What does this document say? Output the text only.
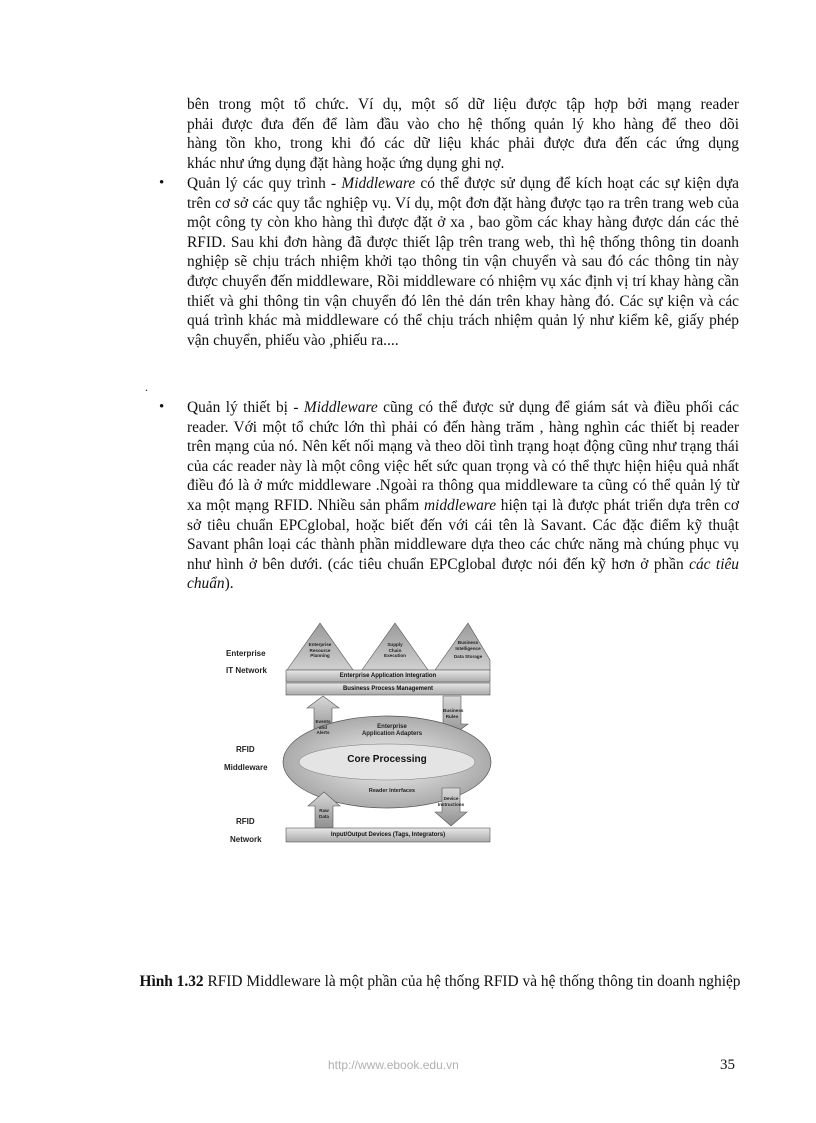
bên trong một tổ chức. Ví dụ, một số dữ liệu được tập hợp bởi mạng reader

phải được đưa đến để làm đầu vào cho hệ thống quản lý kho hàng để theo dõi

hàng tồn kho, trong khi đó các dữ liệu khác phải được đưa đến các ứng dụng

khác như ứng dụng đặt hàng hoặc ứng dụng ghi nợ.

• Quản lý các quy trình - Middleware có thể được sử dụng để kích hoạt các sự kiện dựa trên cơ sở các quy tắc nghiệp vụ. Ví dụ, một đơn đặt hàng được tạo ra trên trang web của một công ty còn kho hàng thì được đặt ở xa , bao gồm các khay hàng được dán các thẻ RFID. Sau khi đơn hàng đã được thiết lập trên trang web, thì hệ thống thông tin doanh nghiệp sẽ chịu trách nhiệm khởi tạo thông tin vận chuyển và sau đó các thông tin này được chuyển đến middleware, Rồi middleware có nhiệm vụ xác định vị trí khay hàng cần thiết và ghi thông tin vận chuyển đó lên thẻ dán trên khay hàng đó. Các sự kiện và các quá trình khác mà middleware có thể chịu trách nhiệm quản lý như kiểm kê, giấy phép vận chuyển, phiếu vào ,phiếu ra....

.
• Quản lý thiết bị - Middleware cũng có thể được sử dụng để giám sát và điều phối các reader. Với một tổ chức lớn thì phải có đến hàng trăm , hàng nghìn các thiết bị reader trên mạng của nó. Nên kết nối mạng và theo dõi tình trạng hoạt động cũng như trạng thái của các reader này là một công việc hết sức quan trọng và có thể thực hiện hiệu quả nhất điều đó là ở mức middleware .Ngoài ra thông qua middleware ta cũng có thể quản lý từ xa một mạng RFID. Nhiều sản phẩm middleware hiện tại là được phát triển dựa trên cơ sở tiêu chuẩn EPCglobal, hoặc biết đến với cái tên là Savant. Các đặc điểm kỹ thuật Savant phân loại các thành phần middleware dựa theo các chức năng mà chúng phục vụ như hình ở bên dưới. (các tiêu chuẩn EPCglobal được nói đến kỹ hơn ở phần các tiêu chuẩn).

Enterprise
IT Network
RFID
Middleware
RFID
Network
Enterprise
Resource
Planning
Supply
Chain
Execution
Business
Intelligence
Data Storage
Enterprise Application Integration
Business Process Management
Input/Output Devices (Tags, Integrators)
Events and Alerts
Business Rules
Raw Data
Device Instructions
Enterprise
Application Adapters
Core Processing
Reader Interfaces
Hình 1.32 RFID Middleware là một phần của hệ thống RFID và hệ thống thông tin doanh nghiệp
http://www.ebook.edu.vn	35
